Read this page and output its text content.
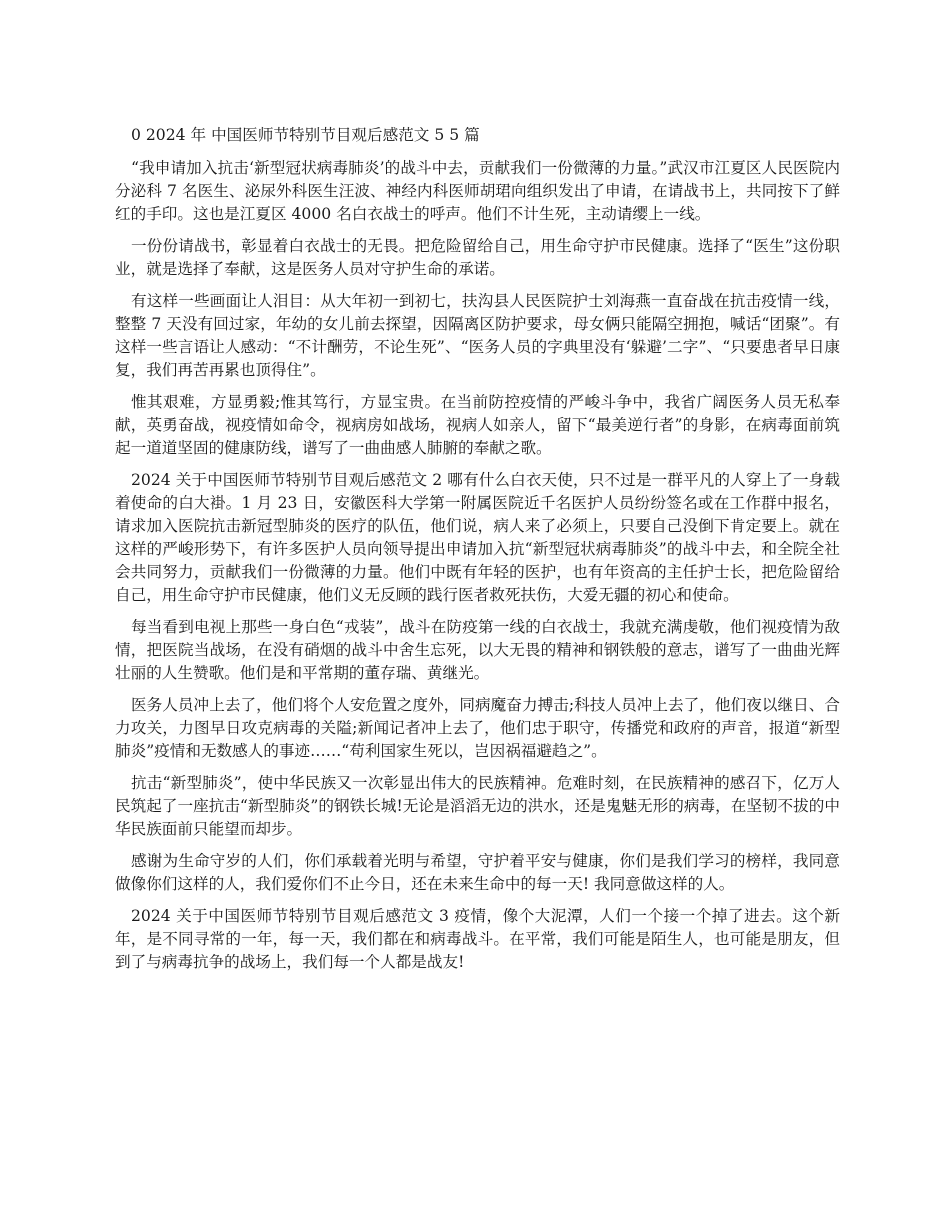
0 2024 年 中国医师节特别节目观后感范文 5 5 篇

“我申请加入抗击‘新型冠状病毒肺炎’的战斗中去，贡献我们一份微薄的力量。”武汉市江夏区人民医院内分泌科 7 名医生、泌尿外科医生汪波、神经内科医师胡珺向组织发出了申请，在请战书上，共同按下了鲜红的手印。这也是江夏区 4000 名白衣战士的呼声。他们不计生死，主动请缨上一线。

一份份请战书，彰显着白衣战士的无畏。把危险留给自己，用生命守护市民健康。选择了“医生”这份职业，就是选择了奉献，这是医务人员对守护生命的承诺。

有这样一些画面让人泪目：从大年初一到初七，扶沟县人民医院护士刘海燕一直奋战在抗击疫情一线，整整 7 天没有回过家，年幼的女儿前去探望，因隔离区防护要求，母女俩只能隔空拥抱，喊话“团聚”。有这样一些言语让人感动：“不计酬劳，不论生死”、“医务人员的字典里没有‘躲避’二字”、“只要患者早日康复，我们再苦再累也顶得住”。

惟其艰难，方显勇毅;惟其笃行，方显宝贵。在当前防控疫情的严峻斗争中，我省广阔医务人员无私奉献，英勇奋战，视疫情如命令，视病房如战场，视病人如亲人，留下“最美逆行者”的身影，在病毒面前筑起一道道坚固的健康防线，谱写了一曲曲感人肺腑的奉献之歌。

2024 关于中国医师节特别节目观后感范文 2 哪有什么白衣天使，只不过是一群平凡的人穿上了一身载着使命的白大褂。1 月 23 日，安徽医科大学第一附属医院近千名医护人员纷纷签名或在工作群中报名，请求加入医院抗击新冠型肺炎的医疗的队伍，他们说，病人来了必须上，只要自己没倒下肯定要上。就在这样的严峻形势下，有许多医护人员向领导提出申请加入抗“新型冠状病毒肺炎”的战斗中去，和全院全社会共同努力，贡献我们一份微薄的力量。他们中既有年轻的医护，也有年资高的主任护士长，把危险留给自己，用生命守护市民健康，他们义无反顾的践行医者救死扶伤，大爱无疆的初心和使命。

每当看到电视上那些一身白色“戎装”，战斗在防疫第一线的白衣战士，我就充满虔敬，他们视疫情为敌情，把医院当战场，在没有硝烟的战斗中舍生忘死，以大无畏的精神和钢铁般的意志，谱写了一曲曲光辉壮丽的人生赞歌。他们是和平常期的董存瑞、黄继光。

医务人员冲上去了，他们将个人安危置之度外，同病魔奋力搏击;科技人员冲上去了，他们夜以继日、合力攻关，力图早日攻克病毒的关隘;新闻记者冲上去了，他们忠于职守，传播党和政府的声音，报道“新型肺炎”疫情和无数感人的事迹……“苟利国家生死以，岂因祸福避趋之”。

抗击“新型肺炎”，使中华民族又一次彰显出伟大的民族精神。危难时刻，在民族精神的感召下，亿万人民筑起了一座抗击“新型肺炎”的钢铁长城!无论是滔滔无边的洪水，还是鬼魅无形的病毒，在坚韧不拔的中华民族面前只能望而却步。

感谢为生命守岁的人们，你们承载着光明与希望，守护着平安与健康，你们是我们学习的榜样，我同意做像你们这样的人，我们爱你们不止今日，还在未来生命中的每一天! 我同意做这样的人。

2024 关于中国医师节特别节目观后感范文 3 疫情，像个大泥潭，人们一个接一个掉了进去。这个新年，是不同寻常的一年，每一天，我们都在和病毒战斗。在平常，我们可能是陌生人，也可能是朋友，但到了与病毒抗争的战场上，我们每一个人都是战友!
